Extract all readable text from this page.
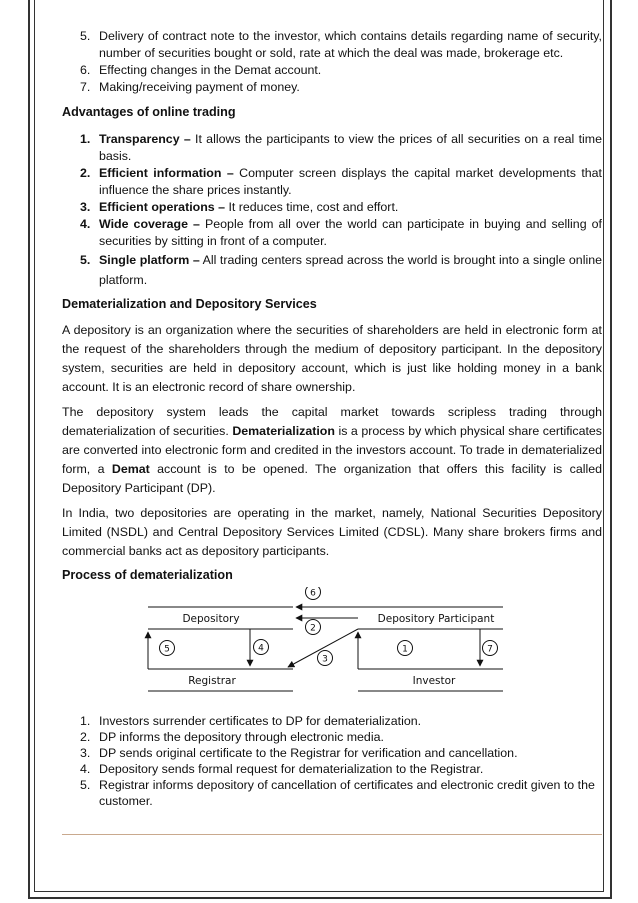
5. Delivery of contract note to the investor, which contains details regarding name of security, number of securities bought or sold, rate at which the deal was made, brokerage etc.
6. Effecting changes in the Demat account.
7. Making/receiving payment of money.
Advantages of online trading
1. Transparency – It allows the participants to view the prices of all securities on a real time basis.
2. Efficient information – Computer screen displays the capital market developments that influence the share prices instantly.
3. Efficient operations – It reduces time, cost and effort.
4. Wide coverage – People from all over the world can participate in buying and selling of securities by sitting in front of a computer.
5. Single platform – All trading centers spread across the world is brought into a single online platform.
Dematerialization and Depository Services

A depository is an organization where the securities of shareholders are held in electronic form at the request of the shareholders through the medium of depository participant. In the depository system, securities are held in depository account, which is just like holding money in a bank account. It is an electronic record of share ownership.

The depository system leads the capital market towards scripless trading through dematerialization of securities. Dematerialization is a process by which physical share certificates are converted into electronic form and credited in the investors account. To trade in dematerialized form, a Demat account is to be opened. The organization that offers this facility is called Depository Participant (DP).

In India, two depositories are operating in the market, namely, National Securities Depository Limited (NSDL) and Central Depository Services Limited (CDSL). Many share brokers firms and commercial banks act as depository participants.

Process of dematerialization
Depository	Depository Participant
Registrar	Investor
6
2
3
5	4	1	7
1. Investors surrender certificates to DP for dematerialization.
2. DP informs the depository through electronic media.
3. DP sends original certificate to the Registrar for verification and cancellation.
4. Depository sends formal request for dematerialization to the Registrar.
5. Registrar informs depository of cancellation of certificates and electronic credit given to the customer.
